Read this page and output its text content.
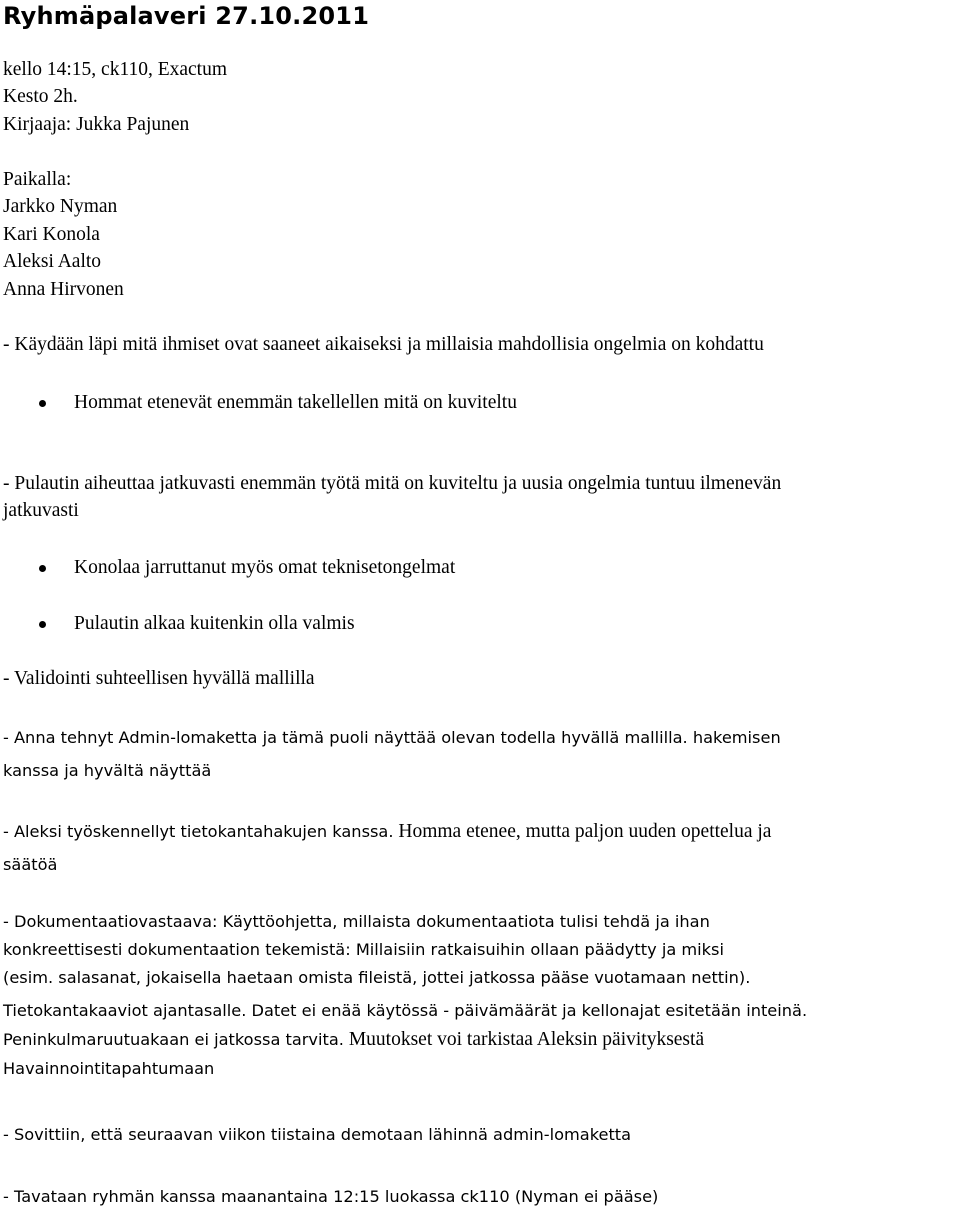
Ryhmäpalaveri 27.10.2011

kello 14:15, ck110, Exactum

Kesto 2h.

Kirjaaja: Jukka Pajunen

Paikalla:

Jarkko Nyman

Kari Konola

Aleksi Aalto

Anna Hirvonen

- Käydään läpi mitä ihmiset ovat saaneet aikaiseksi ja millaisia mahdollisia ongelmia on kohdattu

Hommat etenevät enemmän takellellen mitä on kuviteltu

- Pulautin aiheuttaa jatkuvasti enemmän työtä mitä on kuviteltu ja uusia ongelmia tuntuu ilmenevän

jatkuvasti

Konolaa jarruttanut myös omat teknisetongelmat
Pulautin alkaa kuitenkin olla valmis

- Validointi suhteellisen hyvällä mallilla

- Anna tehnyt Admin-lomaketta ja tämä puoli näyttää olevan todella hyvällä mallilla. hakemisen

kanssa ja hyvältä näyttää

- Aleksi työskennellyt tietokantahakujen kanssa. Homma etenee, mutta paljon uuden opettelua ja

säätöä

- Dokumentaatiovastaava: Käyttöohjetta, millaista dokumentaatiota tulisi tehdä ja ihan

konkreettisesti dokumentaation tekemistä: Millaisiin ratkaisuihin ollaan päädytty ja miksi

(esim. salasanat, jokaisella haetaan omista fileistä, jottei jatkossa pääse vuotamaan nettin).

Tietokantakaaviot ajantasalle. Datet ei enää käytössä - päivämäärät ja kellonajat esitetään inteinä.

Peninkulmaruutuakaan ei jatkossa tarvita. Muutokset voi tarkistaa Aleksin päivityksestä

Havainnointitapahtumaan

- Sovittiin, että seuraavan viikon tiistaina demotaan lähinnä admin-lomaketta

- Tavataan ryhmän kanssa maanantaina 12:15 luokassa ck110 (Nyman ei pääse)
